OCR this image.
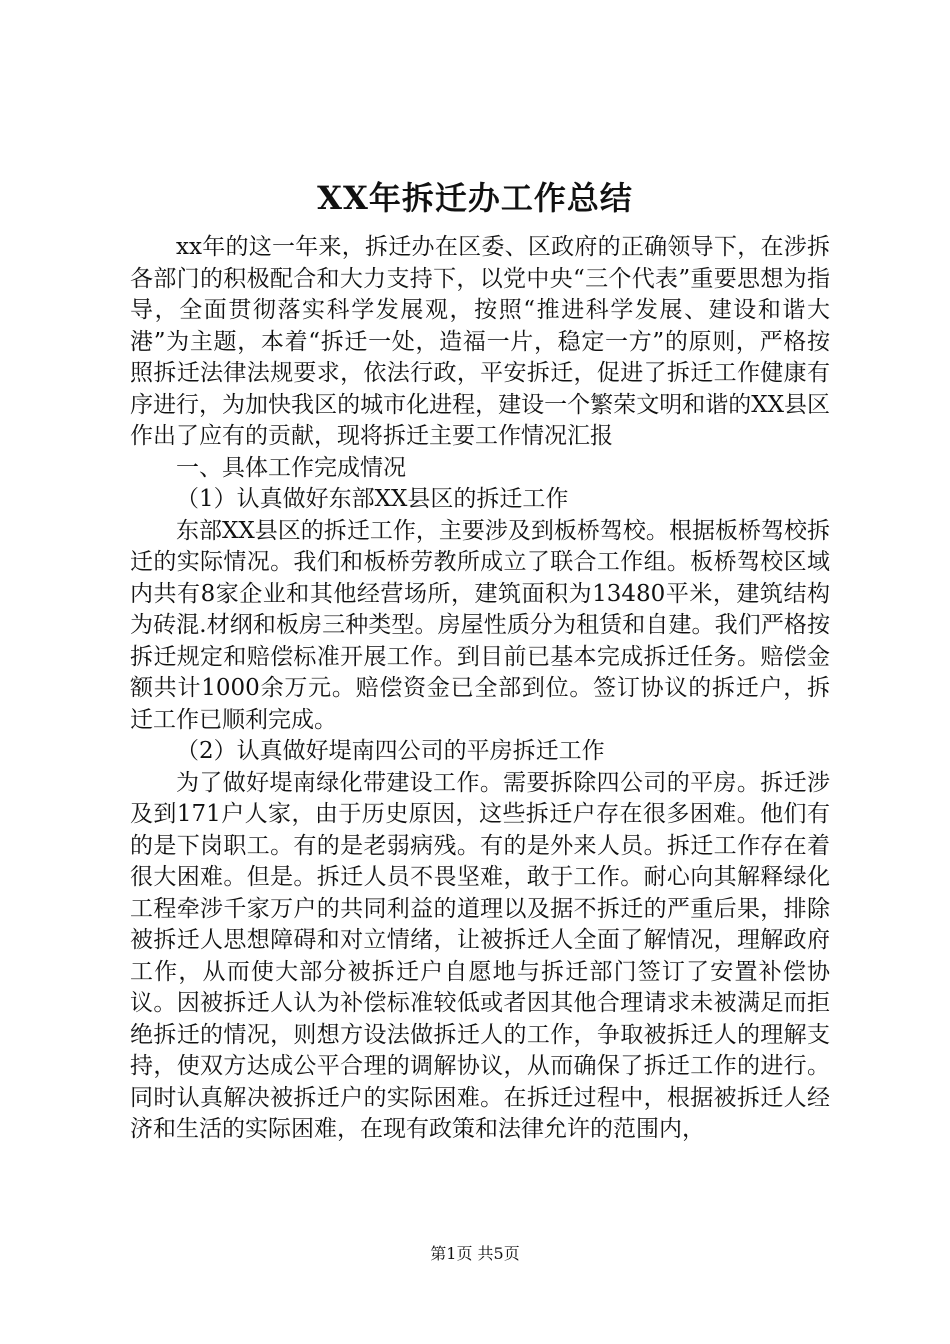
XX年拆迁办工作总结

xx年的这一年来，拆迁办在区委、区政府的正确领导下，在涉拆各部门的积极配合和大力支持下，以党中央“三个代表”重要思想为指导，全面贯彻落实科学发展观，按照“推进科学发展、建设和谐大港”为主题，本着“拆迁一处，造福一片，稳定一方”的原则，严格按照拆迁法律法规要求，依法行政，平安拆迁，促进了拆迁工作健康有序进行，为加快我区的城市化进程，建设一个繁荣文明和谐的XX县区作出了应有的贡献，现将拆迁主要工作情况汇报

一、具体工作完成情况

（1）认真做好东部XX县区的拆迁工作

东部XX县区的拆迁工作，主要涉及到板桥驾校。根据板桥驾校拆迁的实际情况。我们和板桥劳教所成立了联合工作组。板桥驾校区域内共有8家企业和其他经营场所，建筑面积为13480平米，建筑结构为砖混.材纲和板房三种类型。房屋性质分为租赁和自建。我们严格按拆迁规定和赔偿标准开展工作。到目前已基本完成拆迁任务。赔偿金额共计1000余万元。赔偿资金已全部到位。签订协议的拆迁户，拆迁工作已顺利完成。

（2）认真做好堤南四公司的平房拆迁工作

为了做好堤南绿化带建设工作。需要拆除四公司的平房。拆迁涉及到171户人家，由于历史原因，这些拆迁户存在很多困难。他们有的是下岗职工。有的是老弱病残。有的是外来人员。拆迁工作存在着很大困难。但是。拆迁人员不畏坚难，敢于工作。耐心向其解释绿化工程牵涉千家万户的共同利益的道理以及据不拆迁的严重后果，排除被拆迁人思想障碍和对立情绪，让被拆迁人全面了解情况，理解政府工作，从而使大部分被拆迁户自愿地与拆迁部门签订了安置补偿协议。因被拆迁人认为补偿标准较低或者因其他合理请求未被满足而拒绝拆迁的情况，则想方设法做拆迁人的工作，争取被拆迁人的理解支持，使双方达成公平合理的调解协议，从而确保了拆迁工作的进行。同时认真解决被拆迁户的实际困难。在拆迁过程中，根据被拆迁人经济和生活的实际困难，在现有政策和法律允许的范围内，

第1页 共5页
